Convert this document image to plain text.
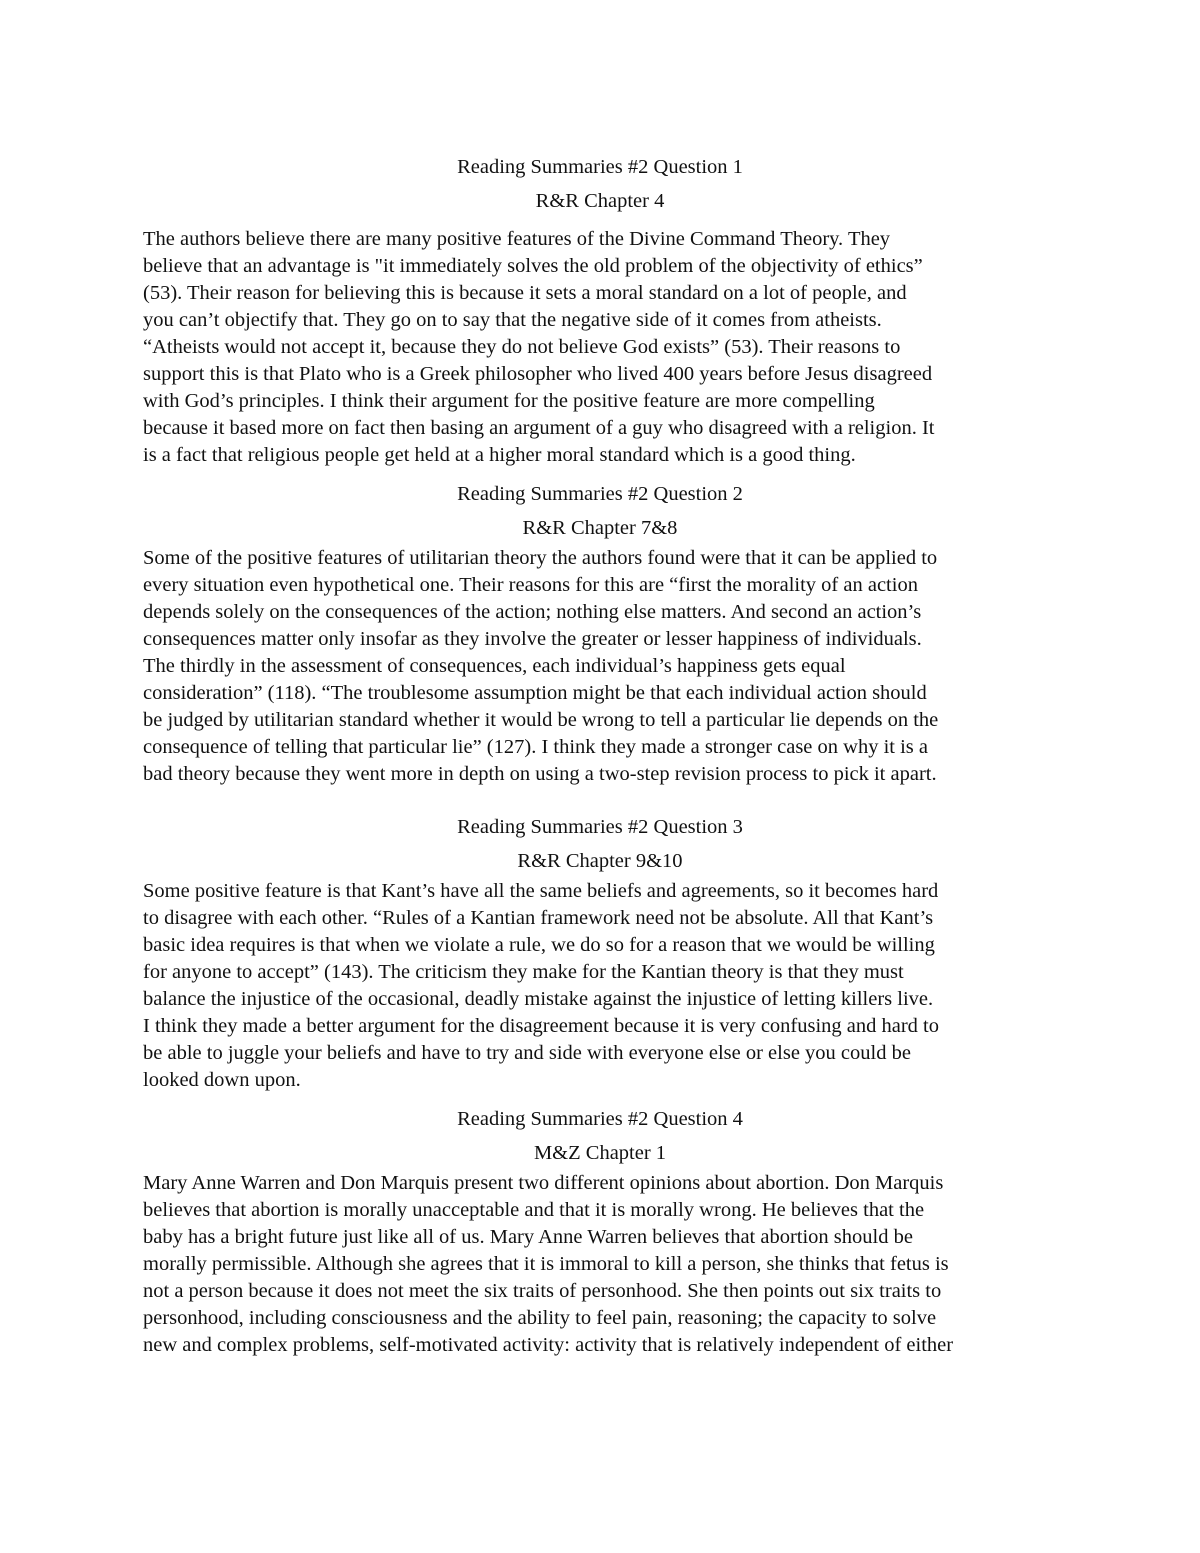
Reading Summaries #2 Question 1
R&R Chapter 4
The authors believe there are many positive features of the Divine Command Theory. They
believe that an advantage is "it immediately solves the old problem of the objectivity of ethics”
(53). Their reason for believing this is because it sets a moral standard on a lot of people, and
you can’t objectify that. They go on to say that the negative side of it comes from atheists.
“Atheists would not accept it, because they do not believe God exists” (53). Their reasons to
support this is that Plato who is a Greek philosopher who lived 400 years before Jesus disagreed
with God’s principles. I think their argument for the positive feature are more compelling
because it based more on fact then basing an argument of a guy who disagreed with a religion. It
is a fact that religious people get held at a higher moral standard which is a good thing.
Reading Summaries #2 Question 2
R&R Chapter 7&8
Some of the positive features of utilitarian theory the authors found were that it can be applied to
every situation even hypothetical one. Their reasons for this are “first the morality of an action
depends solely on the consequences of the action; nothing else matters. And second an action’s
consequences matter only insofar as they involve the greater or lesser happiness of individuals.
The thirdly in the assessment of consequences, each individual’s happiness gets equal
consideration” (118). “The troublesome assumption might be that each individual action should
be judged by utilitarian standard whether it would be wrong to tell a particular lie depends on the
consequence of telling that particular lie” (127). I think they made a stronger case on why it is a
bad theory because they went more in depth on using a two-step revision process to pick it apart.
Reading Summaries #2 Question 3
R&R Chapter 9&10
Some positive feature is that Kant’s have all the same beliefs and agreements, so it becomes hard
to disagree with each other. “Rules of a Kantian framework need not be absolute. All that Kant’s
basic idea requires is that when we violate a rule, we do so for a reason that we would be willing
for anyone to accept” (143). The criticism they make for the Kantian theory is that they must
balance the injustice of the occasional, deadly mistake against the injustice of letting killers live.
I think they made a better argument for the disagreement because it is very confusing and hard to
be able to juggle your beliefs and have to try and side with everyone else or else you could be
looked down upon.
Reading Summaries #2 Question 4
M&Z Chapter 1
Mary Anne Warren and Don Marquis present two different opinions about abortion. Don Marquis
believes that abortion is morally unacceptable and that it is morally wrong. He believes that the
baby has a bright future just like all of us. Mary Anne Warren believes that abortion should be
morally permissible. Although she agrees that it is immoral to kill a person, she thinks that fetus is
not a person because it does not meet the six traits of personhood. She then points out six traits to
personhood, including consciousness and the ability to feel pain, reasoning; the capacity to solve
new and complex problems, self-motivated activity: activity that is relatively independent of either
